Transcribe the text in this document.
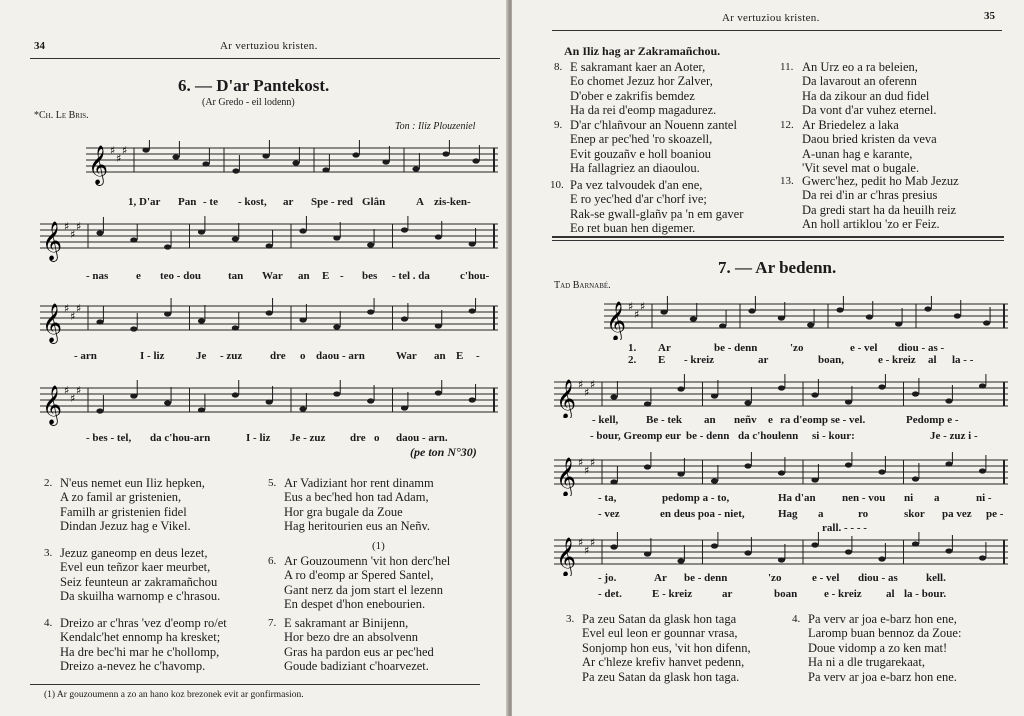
34	Ar vertuziou kristen.
6. — D'ar Pantekost.
(Ar Gredo - eil lodenn)
*Ch. Le Bris.
Ton : Iliz Plouzeniel
𝄞 ♯
♯
♯
𝄞 ♯
♯
♯
𝄞 ♯
♯
♯
𝄞 ♯
♯
♯
(pe ton N°30)
2. N'eus nemet eun Iliz hepken,
A zo famil ar gristenien,
Familh ar gristenien fidel
Dindan Jezuz hag e Vikel.
3. Jezuz ganeomp en deus lezet,
Evel eun teñzor kaer meurbet,
Seiz feunteun ar zakramañchou
Da skuilha warnomp e c'hrasou.
4. Dreizo ar c'hras 'vez d'eomp ro/et
Kendalc'het ennomp ha kresket;
Ha dre bec'hi mar he c'hollomp,
Dreizo a-nevez he c'havomp.
5. Ar Vadiziant hor rent dinamm
Eus a bec'hed hon tad Adam,
Hor gra bugale da Zoue
Hag heritourien eus an Neñv.
(1)
6. Ar Gouzoumenn 'vit hon derc'hel
A ro d'eomp ar Spered Santel,
Gant nerz da jom start el lezenn
En despet d'hon enebourien.
7. E sakramant ar Binijenn,
Hor bezo dre an absolvenn
Gras ha pardon eus ar pec'hed
Goude badiziant c'hoarvezet.
(1) Ar gouzoumenn a zo an hano koz brezonek evit ar gonfirmasion.
1, D'ar Pan - te - kost, ar Spe - red Glân	A zis-ken-
- nas	e teo - dou tan War an E - bes - tel . da	c'hou-
- arn	I - liz	Je - zuz	dre o daou - arn	War an E -
- bes - tel, da c'hou-arn	I - liz Je - zuz dre o daou - arn.
Ar vertuziou kristen.	35
An Iliz hag ar Zakramañchou.
8. E sakramant kaer an Aoter,
Eo chomet Jezuz hor Zalver,
D'ober e zakrifis bemdez
Ha da rei d'eomp magadurez.
9. D'ar c'hlañvour an Nouenn zantel
Enep ar pec'hed 'ro skoazell,
Evit gouzañv e holl boaniou
Ha fallagriez an diaoulou.
10. Pa vez talvoudek d'an ene,
E ro yec'hed d'ar c'horf ive;
Rak-se gwall-glañv pa 'n em gaver
Eo ret buan hen digemer.
11. An Urz eo a ra beleien,
Da lavarout an oferenn
Ha da zikour an dud fidel
Da vont d'ar vuhez eternel.
12. Ar Briedelez a laka
Daou bried kristen da veva
A-unan hag e karante,
'Vit sevel mat o bugale.
13. Gwerc'hez, pedit ho Mab Jezuz
Da rei d'in ar c'hras presius
Da gredi start ha da heuilh reiz
An holl artiklou 'zo er Feiz.
7. — Ar bedenn.
Tad Barnabé.
𝄞 ♯
♯
♯
𝄞 ♯
♯
♯
𝄞 ♯
♯
♯
𝄞 ♯
♯
♯
3. Pa zeu Satan da glask hon taga
Evel eul leon er gounnar vrasa,
Sonjomp hon eus, 'vit hon difenn,
Ar c'hleze krefiv hanvet pedenn,
Pa zeu Satan da glask hon taga.
4. Pa verv ar joa e-barz hon ene,
Laromp buan bennoz da Zoue:
Doue vidomp a zo ken mat!
Ha ni a dle trugarekaat,
Pa verv ar joa e-barz hon ene.
1. Ar	be - denn	'zo	e - vel diou - as -
2. E - kreiz	ar	boan,	e - kreiz al la - -
- kell,	Be - tek an neñv e ra d'eomp se - vel.	Pedomp e -
- bour, Greomp eur be - denn da c'houlenn si - kour:	Je - zuz i -
- ta,	pedomp a - to,	Ha d'an nen - vou ni a	ni -
- vez	en deus poa - niet,	Hag a	ro	skor pa vez pe -
rall. - - - -
- jo.	Ar be - denn	'zo	e - vel diou - as	kell.
- det.	E - kreiz	ar	boan e - kreiz al la - bour.
